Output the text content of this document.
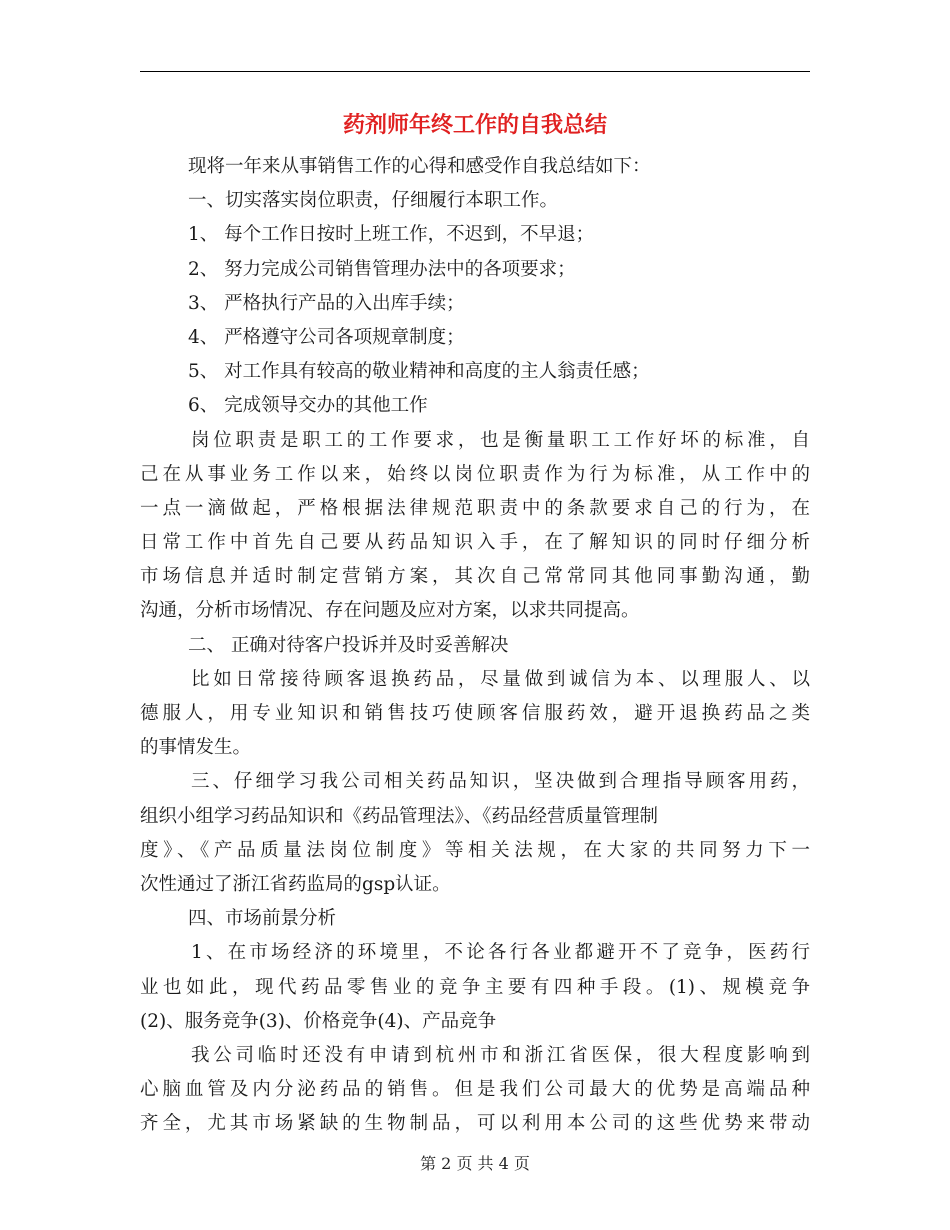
药剂师年终工作的自我总结
现将一年来从事销售工作的心得和感受作自我总结如下：
一、切实落实岗位职责，仔细履行本职工作。
1、 每个工作日按时上班工作，不迟到，不早退；
2、 努力完成公司销售管理办法中的各项要求；
3、 严格执行产品的入出库手续；
4、 严格遵守公司各项规章制度；
5、 对工作具有较高的敬业精神和高度的主人翁责任感；
6、 完成领导交办的其他工作
岗位职责是职工的工作要求，也是衡量职工工作好坏的标准，自
己在从事业务工作以来，始终以岗位职责作为行为标准，从工作中的
一点一滴做起，严格根据法律规范职责中的条款要求自己的行为，在
日常工作中首先自己要从药品知识入手，在了解知识的同时仔细分析
市场信息并适时制定营销方案，其次自己常常同其他同事勤沟通，勤
沟通，分析市场情况、存在问题及应对方案，以求共同提高。
二、 正确对待客户投诉并及时妥善解决
比如日常接待顾客退换药品，尽量做到诚信为本、以理服人、以
德服人，用专业知识和销售技巧使顾客信服药效，避开退换药品之类
的事情发生。
三、仔细学习我公司相关药品知识，坚决做到合理指导顾客用药，
组织小组学习药品知识和《药品管理法》、《药品经营质量管理制
度》、《产品质量法岗位制度》等相关法规，在大家的共同努力下一
次性通过了浙江省药监局的gsp认证。
四、市场前景分析
1、在市场经济的环境里，不论各行各业都避开不了竞争，医药行
业也如此，现代药品零售业的竞争主要有四种手段。(1)、规模竞争
(2)、服务竞争(3)、价格竞争(4)、产品竞争
我公司临时还没有申请到杭州市和浙江省医保，很大程度影响到
心脑血管及内分泌药品的销售。但是我们公司最大的优势是高端品种
齐全，尤其市场紧缺的生物制品，可以利用本公司的这些优势来带动
第 2 页 共 4 页
